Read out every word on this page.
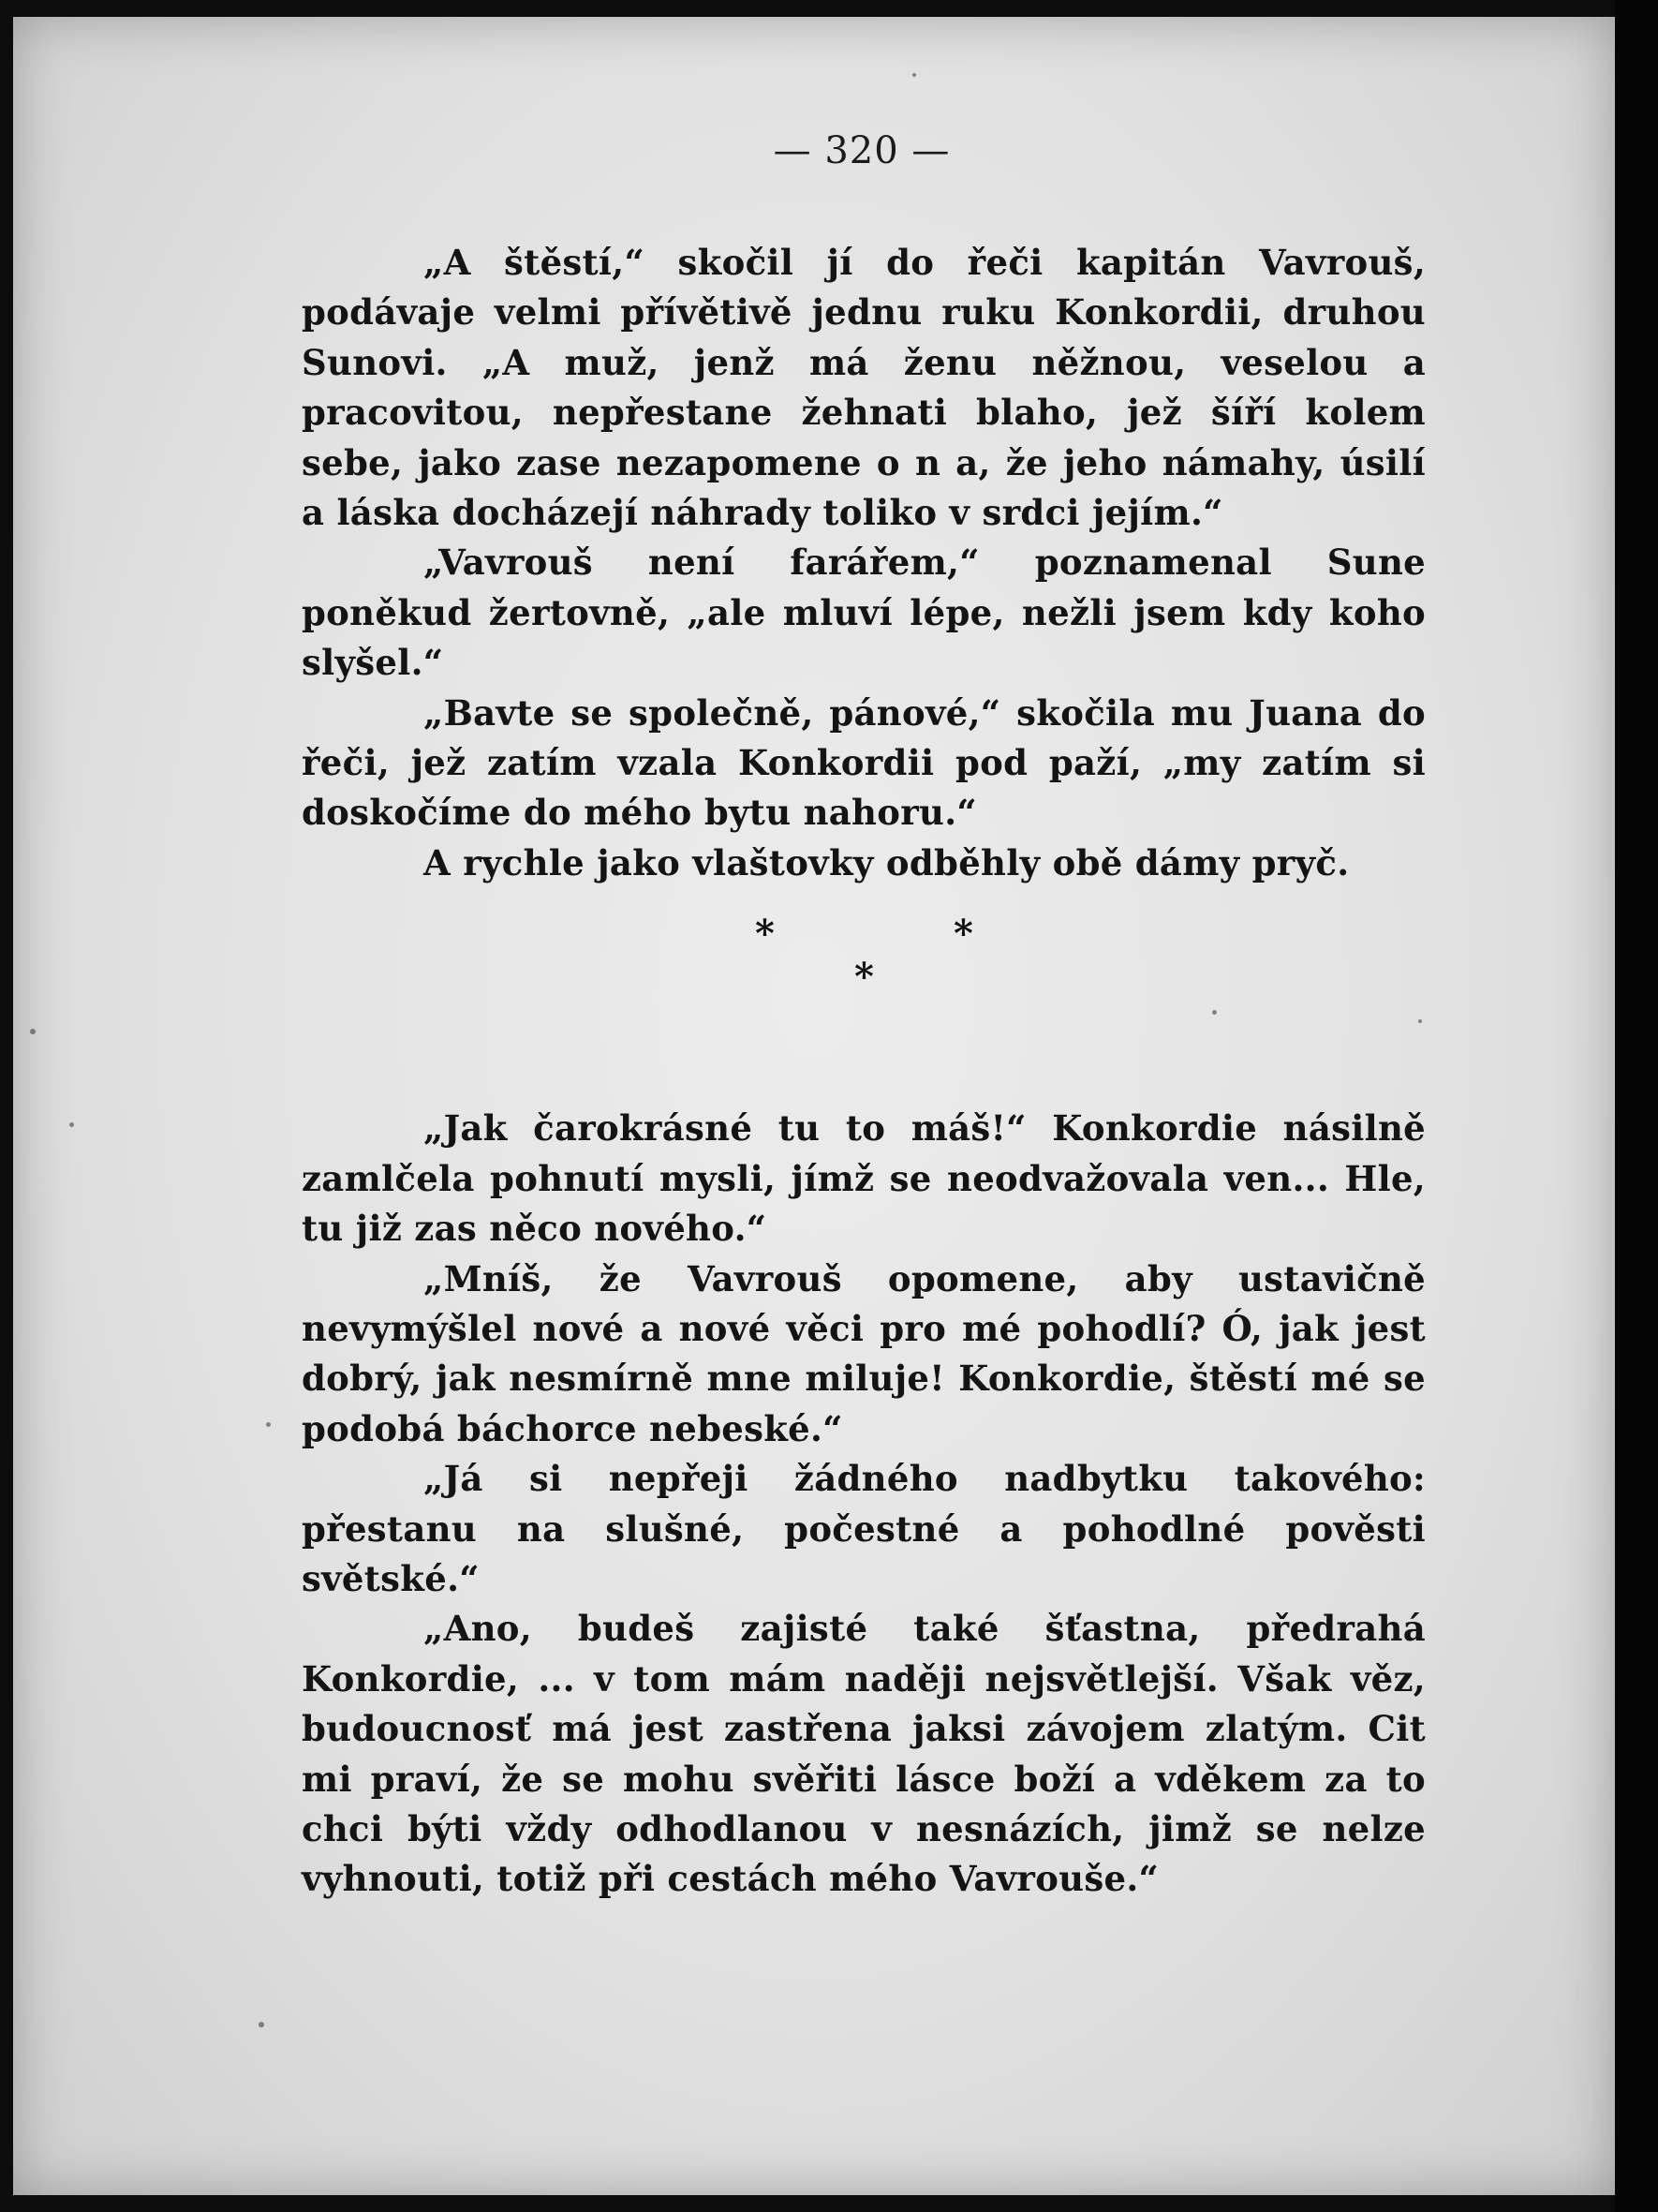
— 320 —

„A štěstí,“ skočil jí do řeči kapitán Vavrouš, podávaje velmi přívětivě jednu ruku Konkordii, druhou Sunovi. „A muž, jenž má ženu něžnou, veselou a pracovitou, nepřestane žehnati blaho, jež šíří kolem sebe, jako zase nezapomene o n a, že jeho námahy, úsilí a láska docházejí náhrady toliko v srdci jejím.“

„Vavrouš není farářem,“ poznamenal Sune poněkud žertovně, „ale mluví lépe, nežli jsem kdy koho slyšel.“

„Bavte se společně, pánové,“ skočila mu Juana do řeči, jež zatím vzala Konkordii pod paží, „my zatím si doskočíme do mého bytu nahoru.“

A rychle jako vlaštovky odběhly obě dámy pryč.

*	*
*

„Jak čarokrásné tu to máš!“ Konkordie násilně zamlčela pohnutí mysli, jímž se neodvažovala ven... Hle, tu již zas něco nového.“

„Mníš, že Vavrouš opomene, aby ustavičně nevymýšlel nové a nové věci pro mé pohodlí? Ó, jak jest dobrý, jak nesmírně mne miluje! Konkordie, štěstí mé se podobá báchorce nebeské.“

„Já si nepřeji žádného nadbytku takového: přestanu na slušné, počestné a pohodlné pověsti světské.“

„Ano, budeš zajisté také šťastna, předrahá Konkordie, ... v tom mám naději nejsvětlejší. Však věz, budoucnosť má jest zastřena jaksi závojem zlatým. Cit mi praví, že se mohu svěřiti lásce boží a vděkem za to chci býti vždy odhodlanou v nesnázích, jimž se nelze vyhnouti, totiž při cestách mého Vavrouše.“
